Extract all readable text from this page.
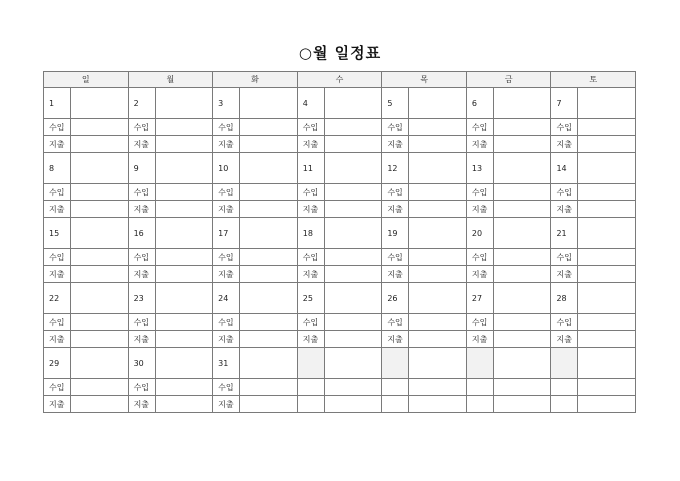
○월 일정표
일		월		화		수		목		금		토	
1		2		3		4		5		6		7	
수입		수입		수입		수입		수입		수입		수입	
지출		지출		지출		지출		지출		지출		지출	
8		9		10		11		12		13		14	
수입		수입		수입		수입		수입		수입		수입	
지출		지출		지출		지출		지출		지출		지출	
15		16		17		18		19		20		21	
수입		수입		수입		수입		수입		수입		수입	
지출		지출		지출		지출		지출		지출		지출	
22		23		24		25		26		27		28	
수입		수입		수입		수입		수입		수입		수입	
지출		지출		지출		지출		지출		지출		지출	
29		30		31									
수입		수입		수입									
지출		지출		지출									
